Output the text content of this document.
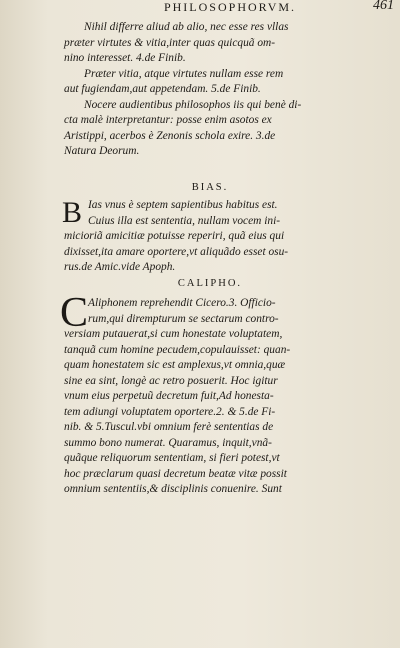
PHILOSOPHORVM.	461
Nihil differre aliud ab alio, nec esse res vllas
præter virtutes & vitia,inter quas quicquã om-
nino interesset. 4.de Finib.
Præter vitia, atque virtutes nullam esse rem
aut fugiendam,aut appetendam. 5.de Finib.
Nocere audientibus philosophos iis qui benè di-
cta malè interpretantur: posse enim asotos ex
Aristippi, acerbos è Zenonis schola exire. 3.de
Natura Deorum.
BIAS.
B Ias vnus è septem sapientibus habitus est.
Cuius illa est sententia, nullam vocem ini-
micioriã amicitiæ potuisse reperiri, quã eius qui
dixisset,ita amare oportere,vt aliquãdo esset osu-
rus.de Amic.vide Apoph.
CALIPHO.
C Aliphonem reprehendit Cicero.3. Officio-
rum,qui dirempturum se sectarum contro-
versiam putauerat,si cum honestate voluptatem,
tanquã cum homine pecudem,copulauisset: quan-
quam honestatem sic est amplexus,vt omnia,quæ
sine ea sint, longè ac retro posuerit. Hoc igitur
vnum eius perpetuũ decretum fuit,Ad honesta-
tem adiungi voluptatem oportere.2. & 5.de Fi-
nib. & 5.Tuscul.vbi omnium ferè sententias de
summo bono numerat. Quaramus, inquit,vnã-
quãque reliquorum sententiam, si fieri potest,vt
hoc præclarum quasi decretum beatæ vitæ possit
omnium sententiis,& disciplinis conuenire. Sunt
